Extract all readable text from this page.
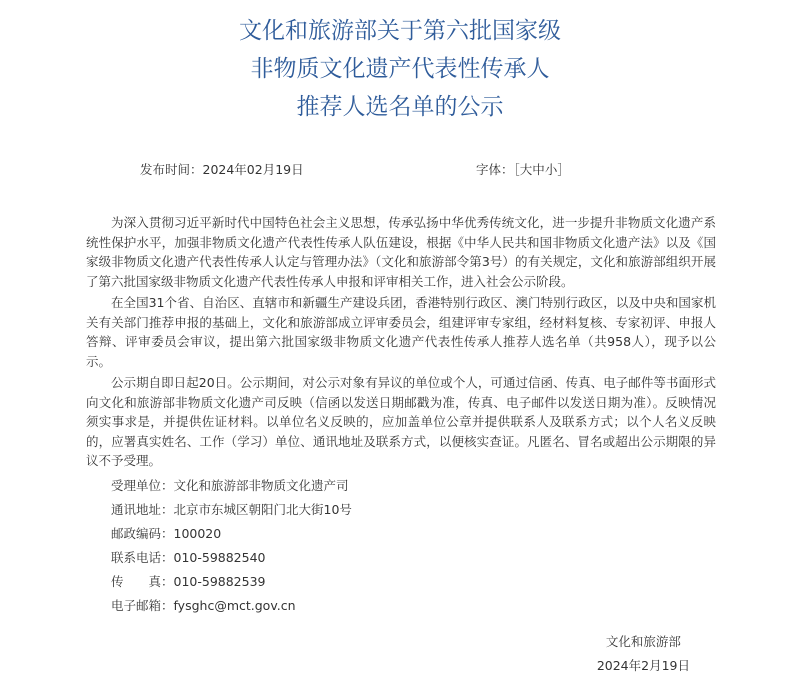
文化和旅游部关于第六批国家级
非物质文化遗产代表性传承人
推荐人选名单的公示
发布时间：2024年02月19日	字体：［大中小］

为深入贯彻习近平新时代中国特色社会主义思想，传承弘扬中华优秀传统文化，进一步提升非物质文化遗产系统性保护水平，加强非物质文化遗产代表性传承人队伍建设，根据《中华人民共和国非物质文化遗产法》以及《国家级非物质文化遗产代表性传承人认定与管理办法》（文化和旅游部令第3号）的有关规定，文化和旅游部组织开展了第六批国家级非物质文化遗产代表性传承人申报和评审相关工作，进入社会公示阶段。

在全国31个省、自治区、直辖市和新疆生产建设兵团，香港特别行政区、澳门特别行政区，以及中央和国家机关有关部门推荐申报的基础上，文化和旅游部成立评审委员会，组建评审专家组，经材料复核、专家初评、申报人答辩、评审委员会审议，提出第六批国家级非物质文化遗产代表性传承人推荐人选名单（共958人），现予以公示。

公示期自即日起20日。公示期间，对公示对象有异议的单位或个人，可通过信函、传真、电子邮件等书面形式向文化和旅游部非物质文化遗产司反映（信函以发送日期邮戳为准，传真、电子邮件以发送日期为准）。反映情况须实事求是，并提供佐证材料。以单位名义反映的，应加盖单位公章并提供联系人及联系方式；以个人名义反映的，应署真实姓名、工作（学习）单位、通讯地址及联系方式，以便核实查证。凡匿名、冒名或超出公示期限的异议不予受理。

受理单位：文化和旅游部非物质文化遗产司
通讯地址：北京市东城区朝阳门北大街10号
邮政编码：100020
联系电话：010-59882540
传　　真：010-59882539
电子邮箱：fysghc@mct.gov.cn
文化和旅游部
2024年2月19日
